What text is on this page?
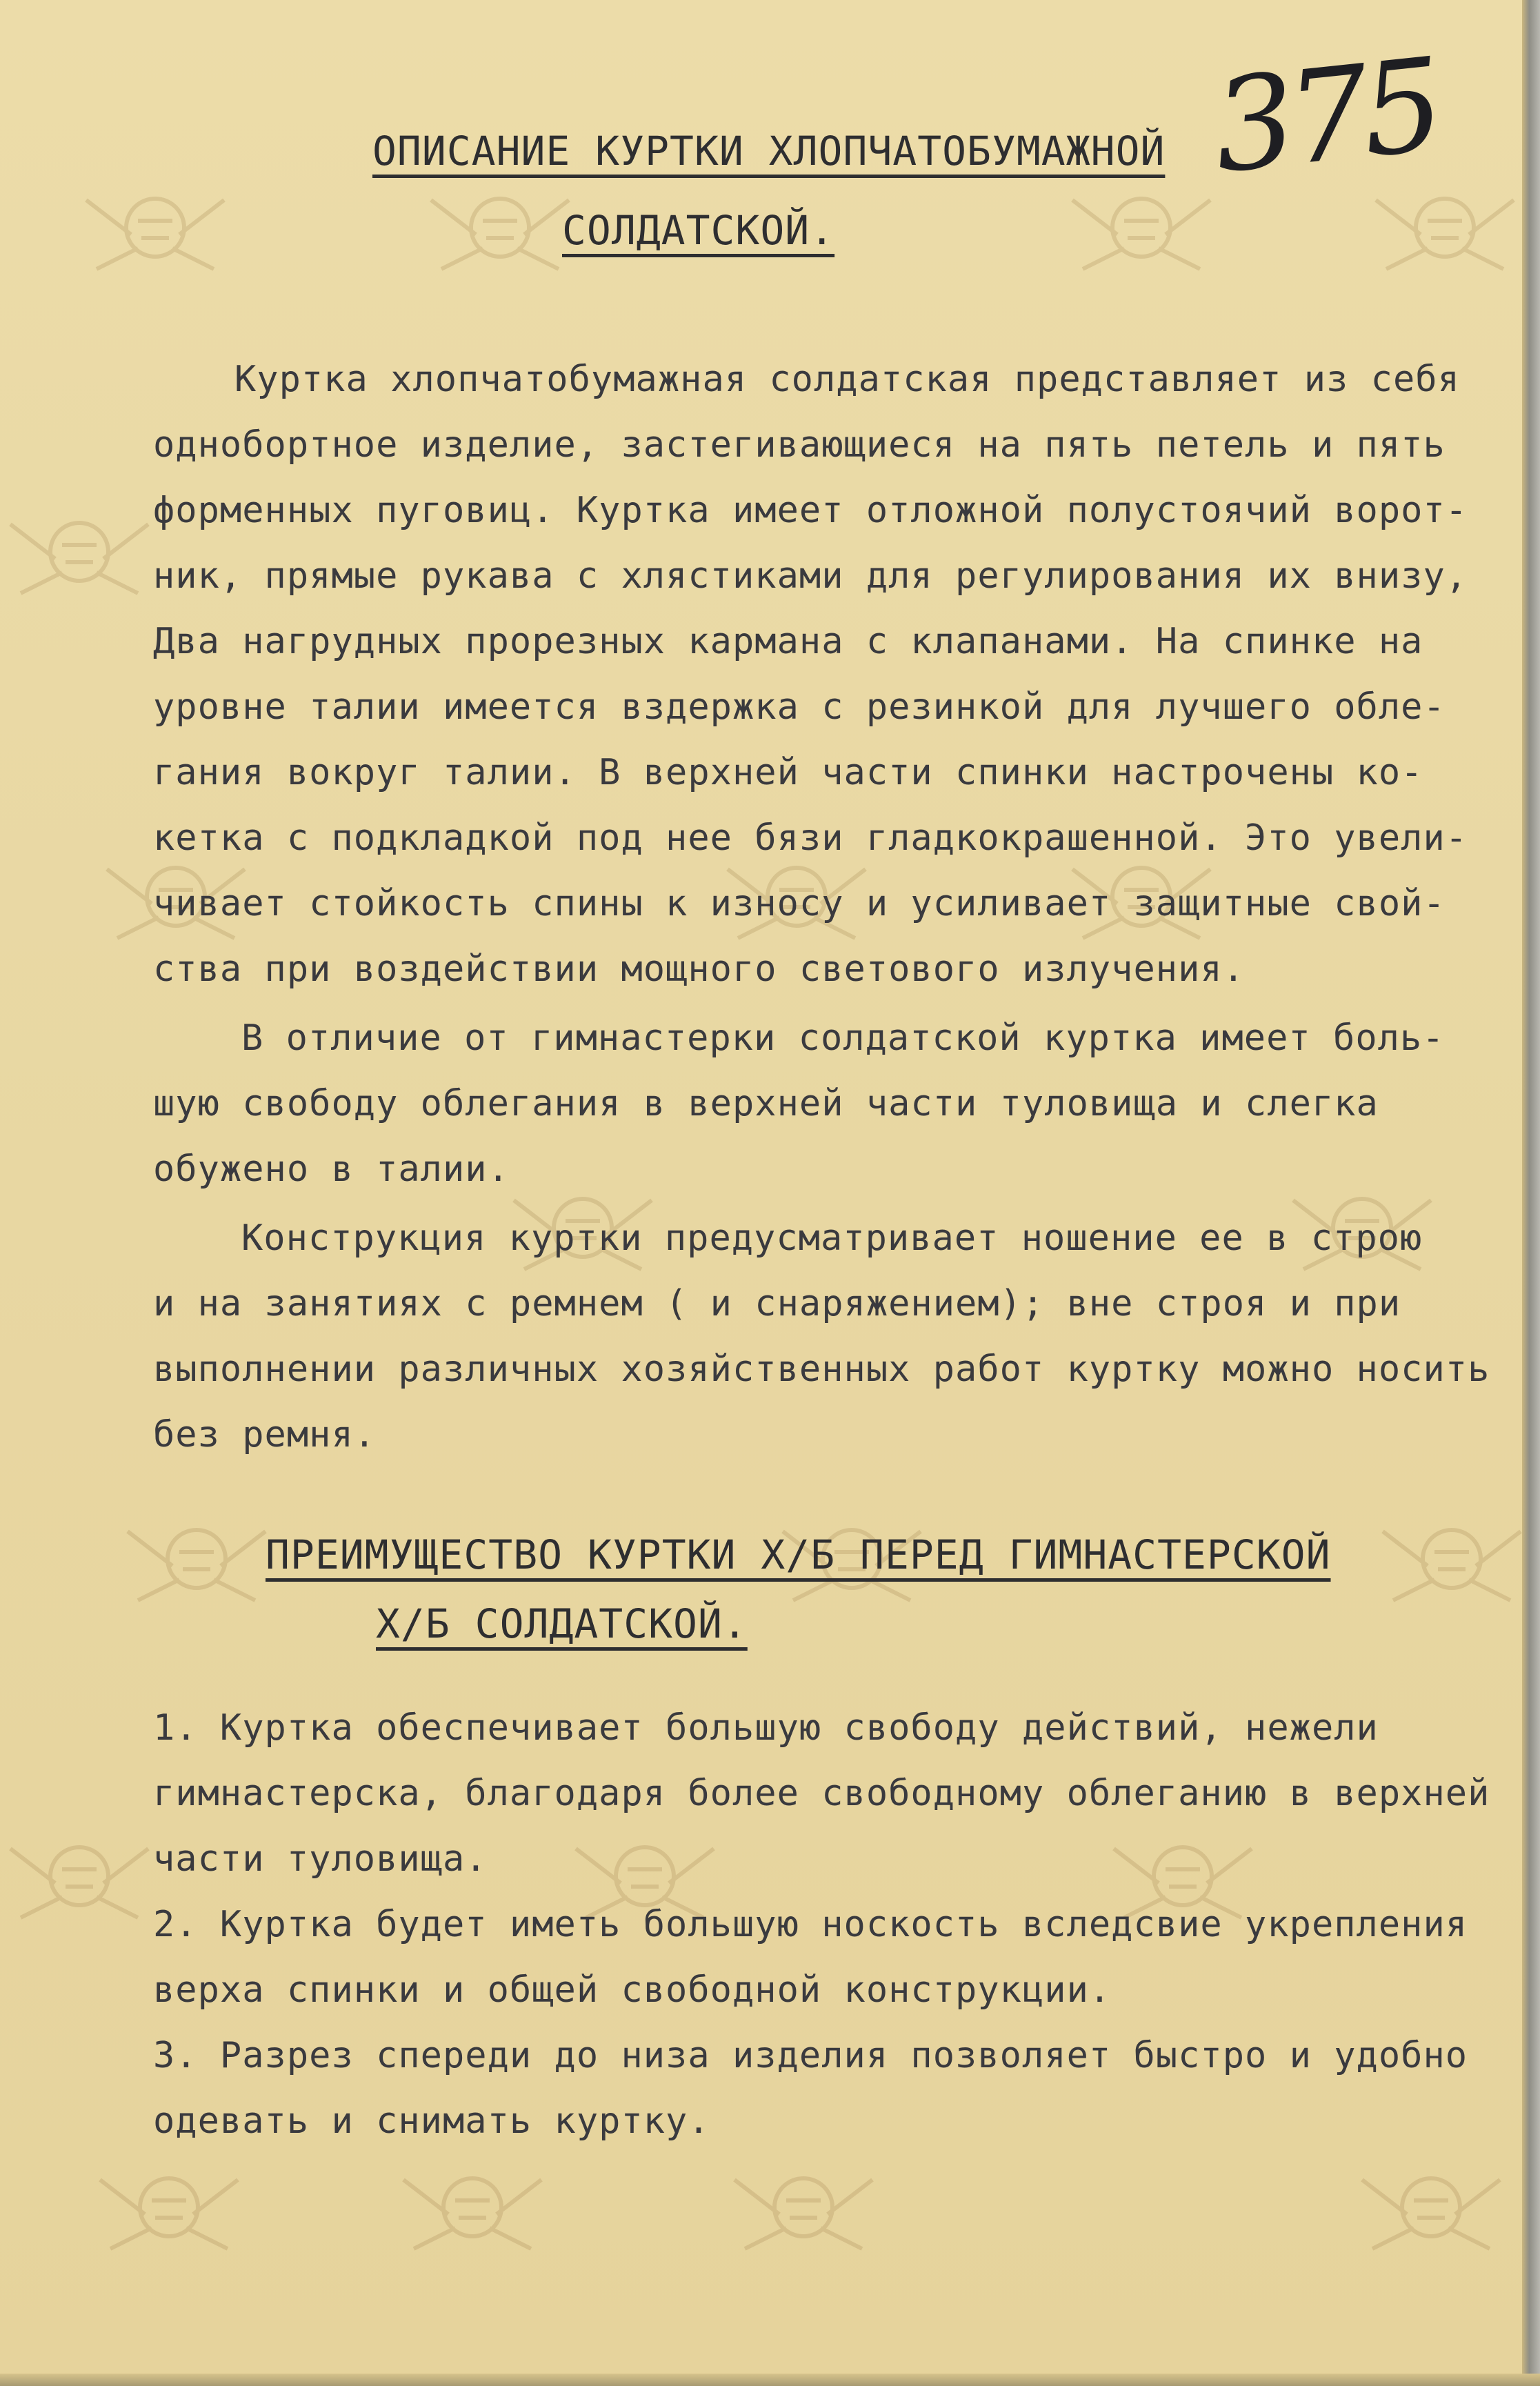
375
ОПИСАНИЕ КУРТКИ ХЛОПЧАТОБУМАЖНОЙ
СОЛДАТСКОЙ.
Куртка хлопчатобумажная солдатская представляет из себя
однобортное изделие, застегивающиеся на пять петель и пять
форменных пуговиц. Куртка имеет отложной полустоячий ворот-
ник, прямые рукава с хлястиками для регулирования их внизу,
Два нагрудных прорезных кармана с клапанами. На спинке на
уровне талии имеется вздержка с резинкой для лучшего обле-
гания вокруг талии. В верхней части спинки настрочены ко-
кетка с подкладкой под нее бязи гладкокрашенной. Это увели-
чивает стойкость спины к износу и усиливает защитные свой-
ства при воздействии мощного светового излучения.
В отличие от гимнастерки солдатской куртка имеет боль-
шую свободу облегания в верхней части туловища и слегка
обужено в талии.
Конструкция куртки предусматривает ношение ее в строю
и на занятиях с ремнем ( и снаряжением); вне строя и при
выполнении различных хозяйственных работ куртку можно носить
без ремня.
ПРЕИМУЩЕСТВО КУРТКИ Х/Б ПЕРЕД ГИМНАСТЕРСКОЙ
Х/Б СОЛДАТСКОЙ.
1. Куртка обеспечивает большую свободу действий, нежели
гимнастерска, благодаря более свободному облеганию в верхней
части туловища.
2. Куртка будет иметь большую носкость вследсвие укрепления
верха спинки и общей свободной конструкции.
3. Разрез спереди до низа изделия позволяет быстро и удобно
одевать и снимать куртку.
